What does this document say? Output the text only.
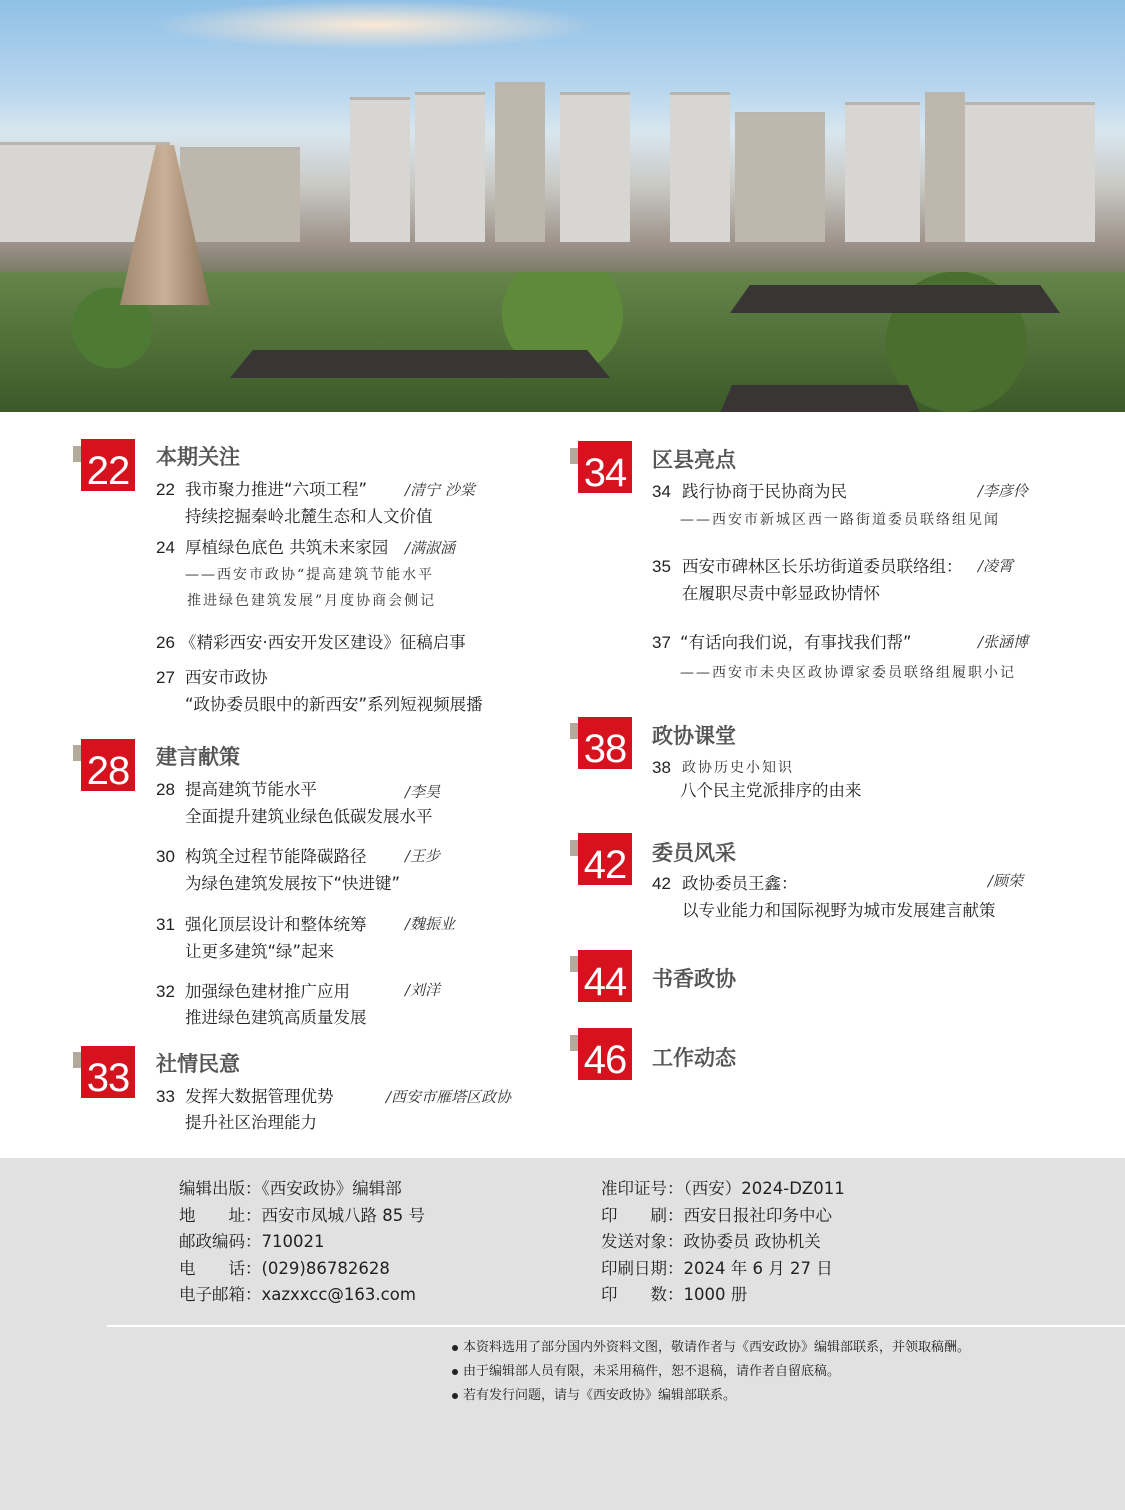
22 本期关注
28 建言献策
33 社情民意
22 我市聚力推进“六项工程”
持续挖掘秦岭北麓生态和人文价值
/清宁 沙棠
24 厚植绿色底色 共筑未来家园
——西安市政协“提高建筑节能水平
推进绿色建筑发展”月度协商会侧记
/满淑涵
26 《精彩西安·西安开发区建设》征稿启事
27 西安市政协
“政协委员眼中的新西安”系列短视频展播
28 提高建筑节能水平
全面提升建筑业绿色低碳发展水平
/李昊
30 构筑全过程节能降碳路径
为绿色建筑发展按下“快进键”
/王步
31 强化顶层设计和整体统筹
让更多建筑“绿”起来
/魏振业
32 加强绿色建材推广应用
推进绿色建筑高质量发展
/刘洋
33 发挥大数据管理优势
提升社区治理能力
/西安市雁塔区政协
34 区县亮点
38 政协课堂
42 委员风采
44 书香政协
46 工作动态
34 践行协商于民协商为民
——西安市新城区西一路街道委员联络组见闻
/李彦伶
35 西安市碑林区长乐坊街道委员联络组：
在履职尽责中彰显政协情怀
/凌霄
37 “有话向我们说，有事找我们帮”
——西安市未央区政协谭家委员联络组履职小记
/张涵博
38 政协历史小知识
八个民主党派排序的由来
42 政协委员王鑫：
以专业能力和国际视野为城市发展建言献策
/顾荣
编辑出版：《西安政协》编辑部
地　　址：西安市凤城八路 85 号
邮政编码：710021
电　　话：(029)86782628
电子邮箱：xazxxcc@163.com
准印证号：（西安）2024-DZ011
印　　刷：西安日报社印务中心
发送对象：政协委员 政协机关
印刷日期：2024 年 6 月 27 日
印　　数：1000 册
本资料选用了部分国内外资料文图，敬请作者与《西安政协》编辑部联系，并领取稿酬。
由于编辑部人员有限，未采用稿件，恕不退稿，请作者自留底稿。
若有发行问题，请与《西安政协》编辑部联系。
